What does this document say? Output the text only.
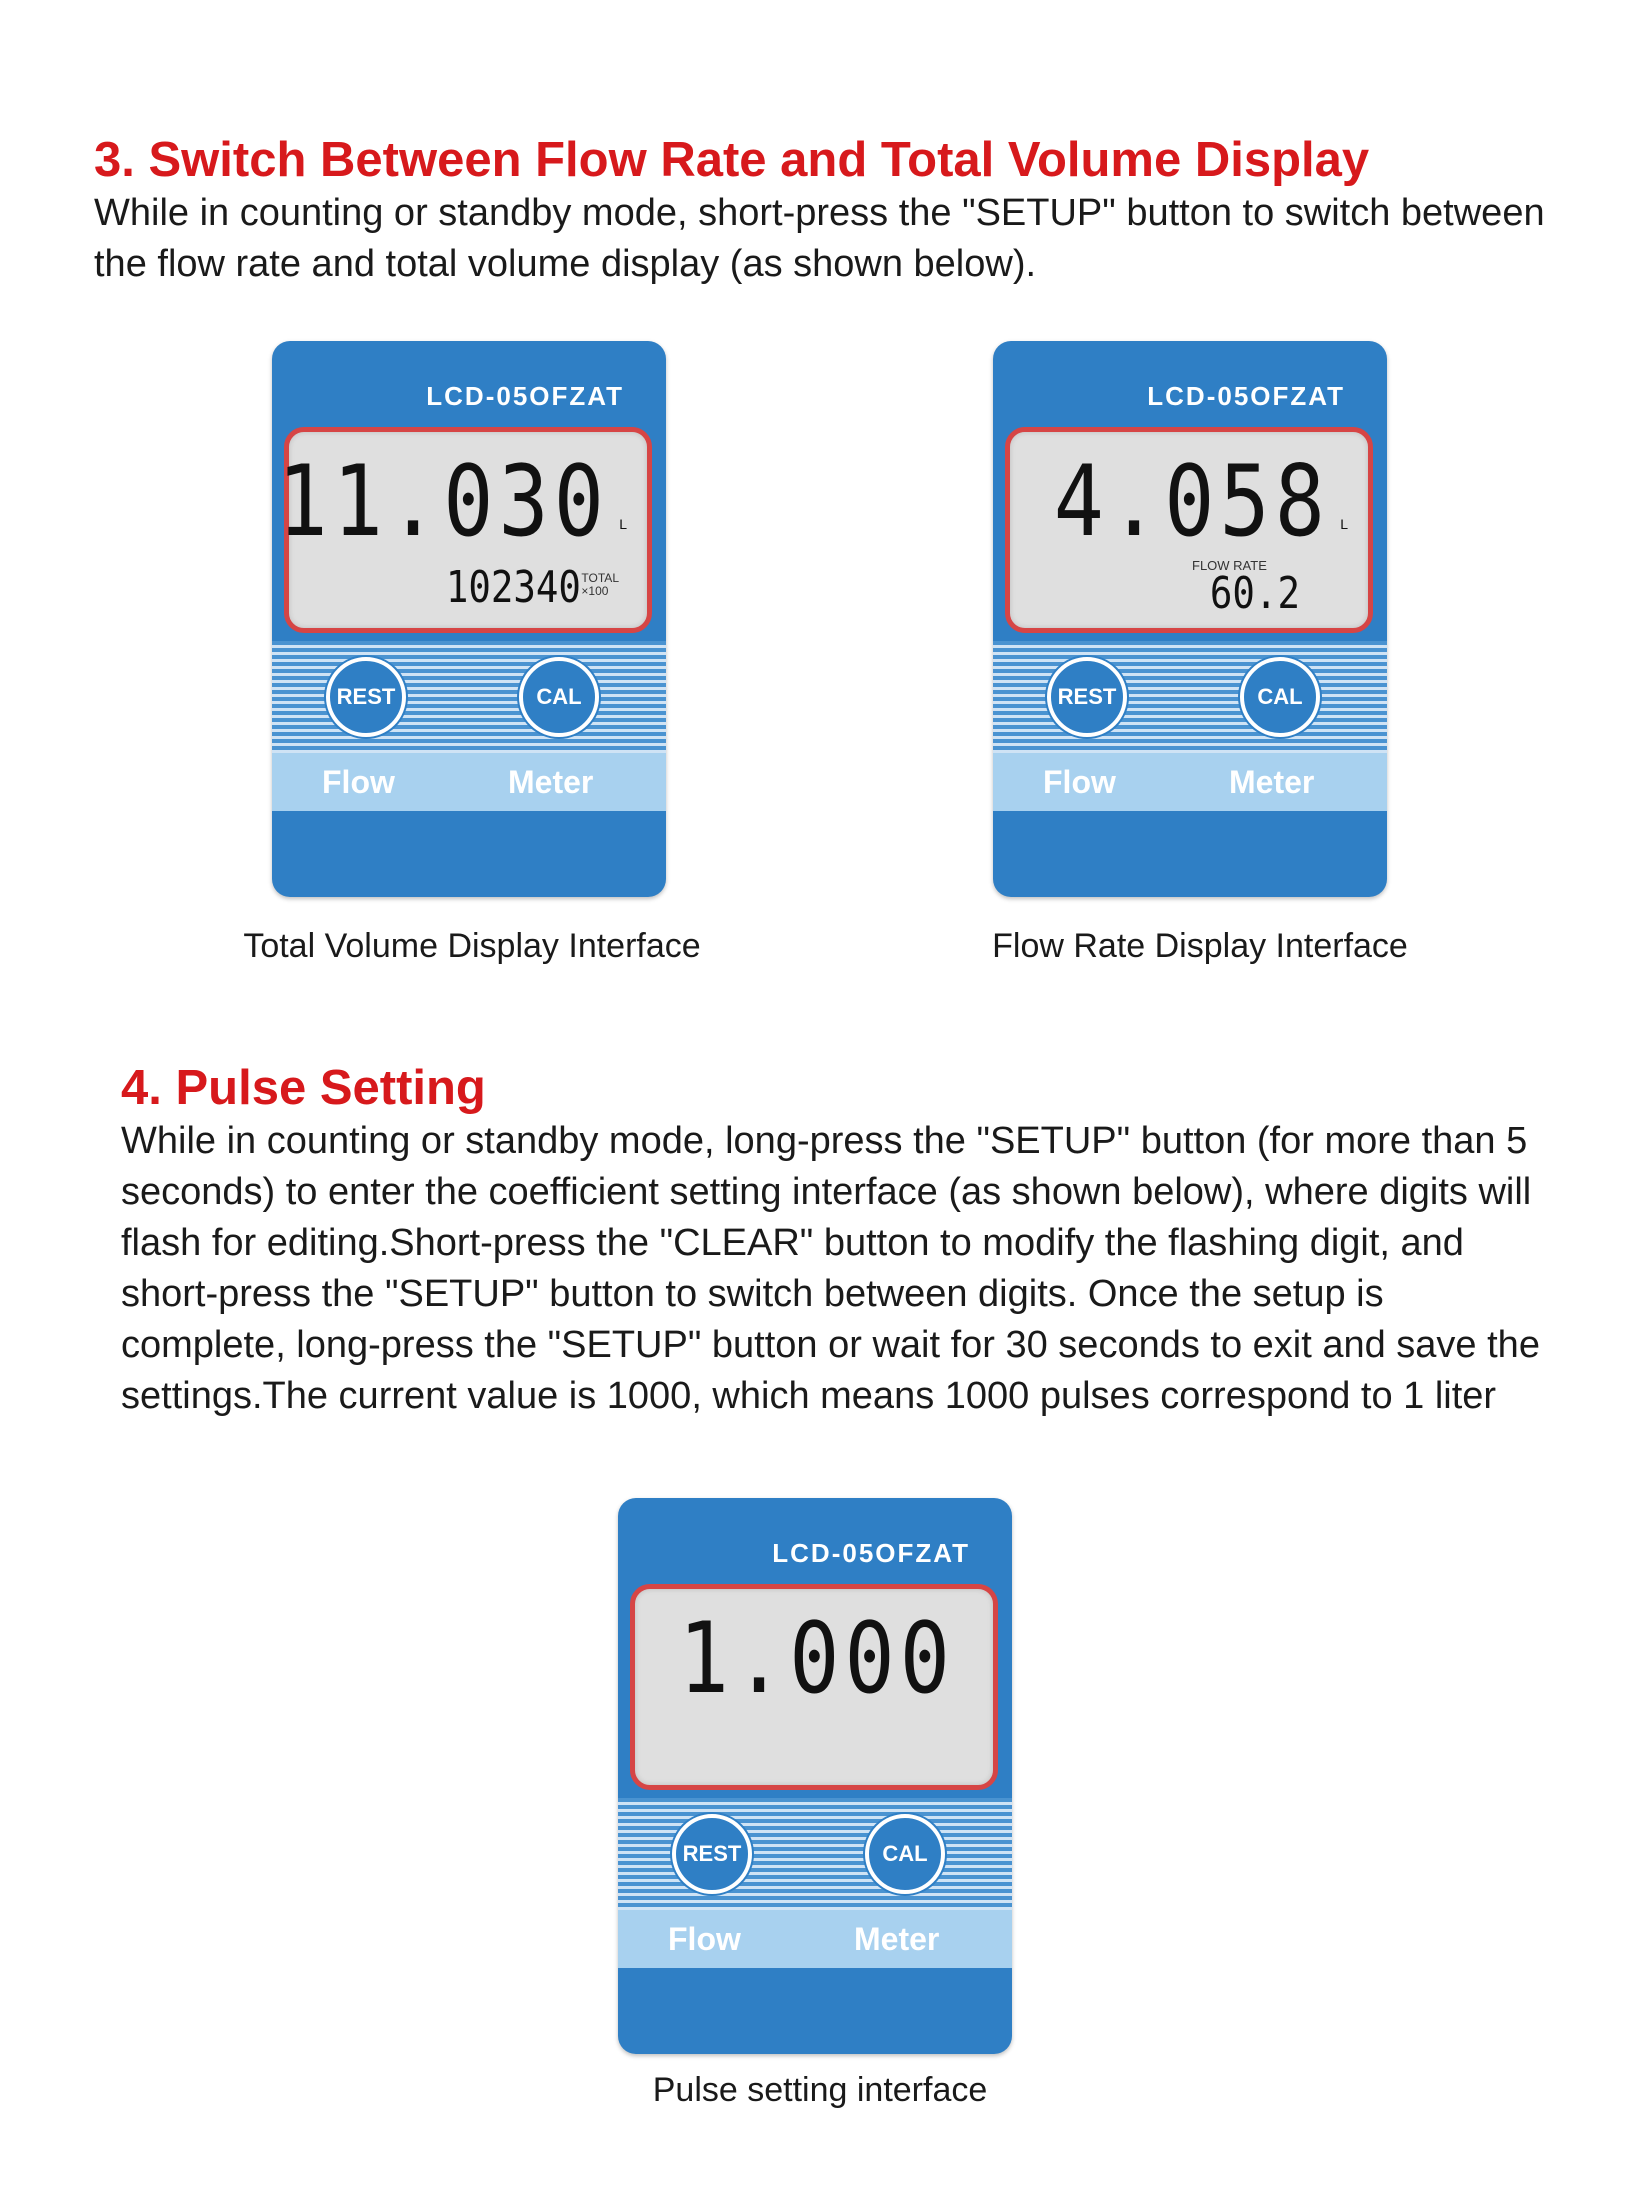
3. Switch Between Flow Rate and Total Volume Display

While in counting or standby mode, short-press the "SETUP" button to switch between the flow rate and total volume display (as shown below).

LCD-05OFZAT
11.030 L
102340 TOTAL
×100
REST	CAL
Flow	Meter
Total Volume Display Interface
LCD-05OFZAT
4.058 L
FLOW RATE
60.2
REST	CAL
Flow	Meter
Flow Rate Display Interface
4. Pulse Setting

While in counting or standby mode, long-press the "SETUP" button (for more than 5 seconds) to enter the coefficient setting interface (as shown below), where digits will flash for editing.Short-press the "CLEAR" button to modify the flashing digit, and short-press the "SETUP" button to switch between digits. Once the setup is complete, long-press the "SETUP" button or wait for 30 seconds to exit and save the settings.The current value is 1000, which means 1000 pulses correspond to 1 liter

LCD-05OFZAT
1.000
REST	CAL
Flow	Meter
Pulse setting interface
